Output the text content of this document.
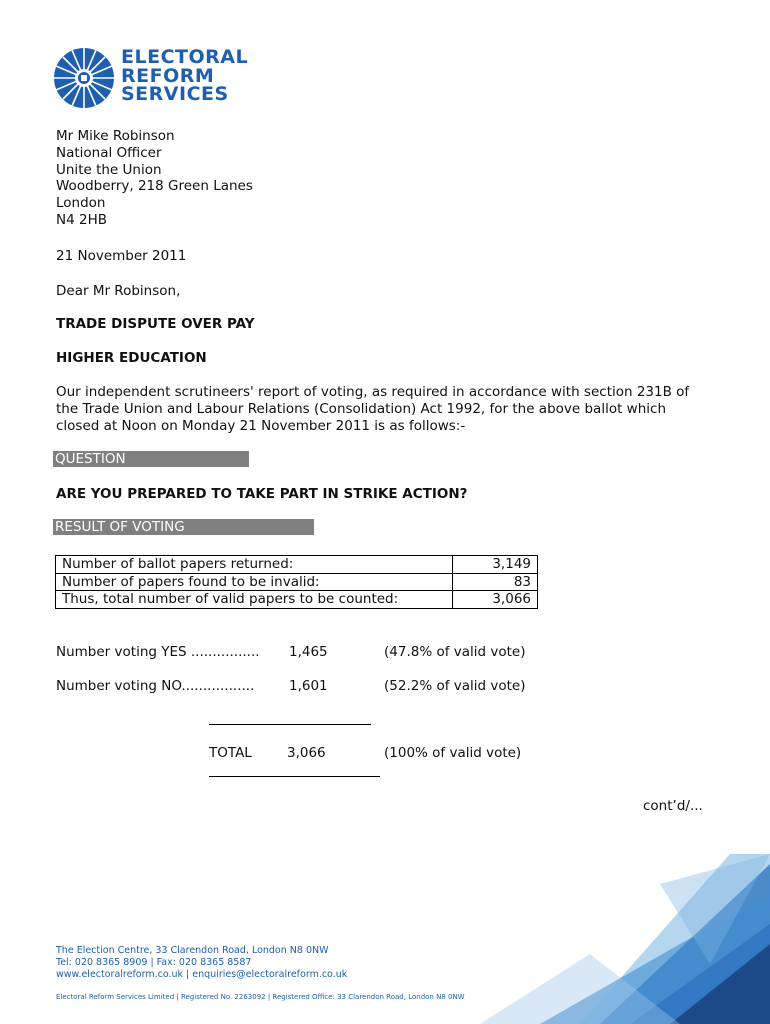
ELECTORAL
REFORM
SERVICES
Mr Mike Robinson
National Officer
Unite the Union
Woodberry, 218 Green Lanes
London
N4 2HB
21 November 2011
Dear Mr Robinson,
TRADE DISPUTE OVER PAY
HIGHER EDUCATION
Our independent scrutineers' report of voting, as required in accordance with section 231B of
the Trade Union and Labour Relations (Consolidation) Act 1992, for the above ballot which
closed at Noon on Monday 21 November 2011 is as follows:-
QUESTION
ARE YOU PREPARED TO TAKE PART IN STRIKE ACTION?
RESULT OF VOTING
Number of ballot papers returned:	3,149
Number of papers found to be invalid:	83
Thus, total number of valid papers to be counted:	3,066
Number voting YES ................ 1,465	(47.8% of valid vote)
Number voting NO.................	1,601	(52.2% of valid vote)
TOTAL	3,066	(100% of valid vote)
cont’d/...
The Election Centre, 33 Clarendon Road, London N8 0NW
Tel: 020 8365 8909 | Fax: 020 8365 8587
www.electoralreform.co.uk | enquiries@electoralreform.co.uk
Electoral Reform Services Limited | Registered No. 2263092 | Registered Office: 33 Clarendon Road, London N8 0NW
